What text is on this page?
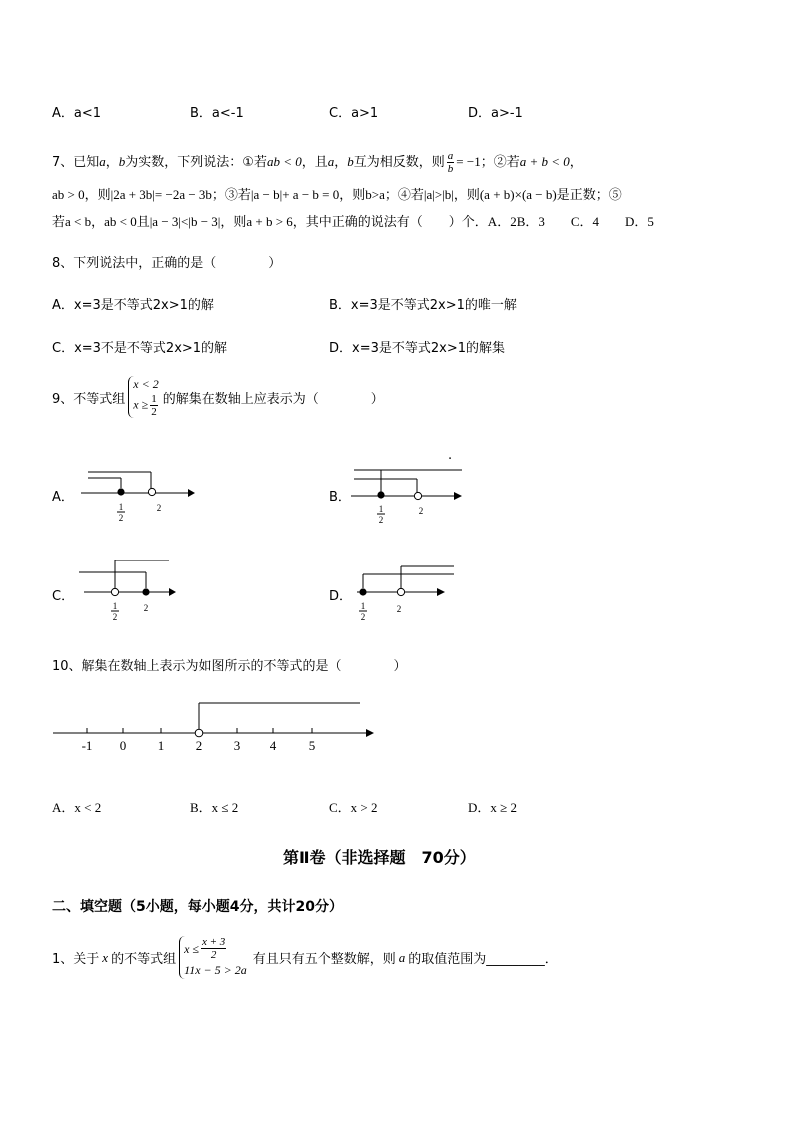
A．a<1	B．a<-1	C．a>1	D．a>-1
7、已知a，b为实数，下列说法：①若ab < 0，且a，b互为相反数，则 $\frac{a}{b} = -1$；②若a + b < 0，
ab > 0，则|2a + 3b|= −2a − 3b；③若|a − b|+ a − b = 0，则b>a；④若|a|>|b|，则(a + b)×(a − b)是正数；⑤
若a < b，ab < 0且|a − 3|<|b − 3|，则a + b > 6，其中正确的说法有（　　）个．A．2B．3　　C．4　　D．5
8、下列说法中，正确的是（　　　　）
A．x=3是不等式2x>1的解	B．x=3是不等式2x>1的唯一解
C．x=3不是不等式2x>1的解	D．x=3是不等式2x>1的解集
9、不等式组
x < 2
$x \ge \frac{1}{2}$ 的解集在数轴上应表示为（　　　　）
A．	B．
C．	D．
.
1
2
2	1
2
2
1
2
2	1
2
2
10、解集在数轴上表示为如图所示的不等式的是（　　　　）
-1 0 1 2 3 4	5
A．x < 2	B．x ≤ 2	C．x > 2	D．x ≥ 2
第Ⅱ卷（非选择题　70分）
二、填空题（5小题，每小题4分，共计20分）
1、关于 x 的不等式组
$x \le \frac{x + 3}{2}$
11x − 5 > 2a
有且只有五个整数解，则 a 的取值范围为_________．
